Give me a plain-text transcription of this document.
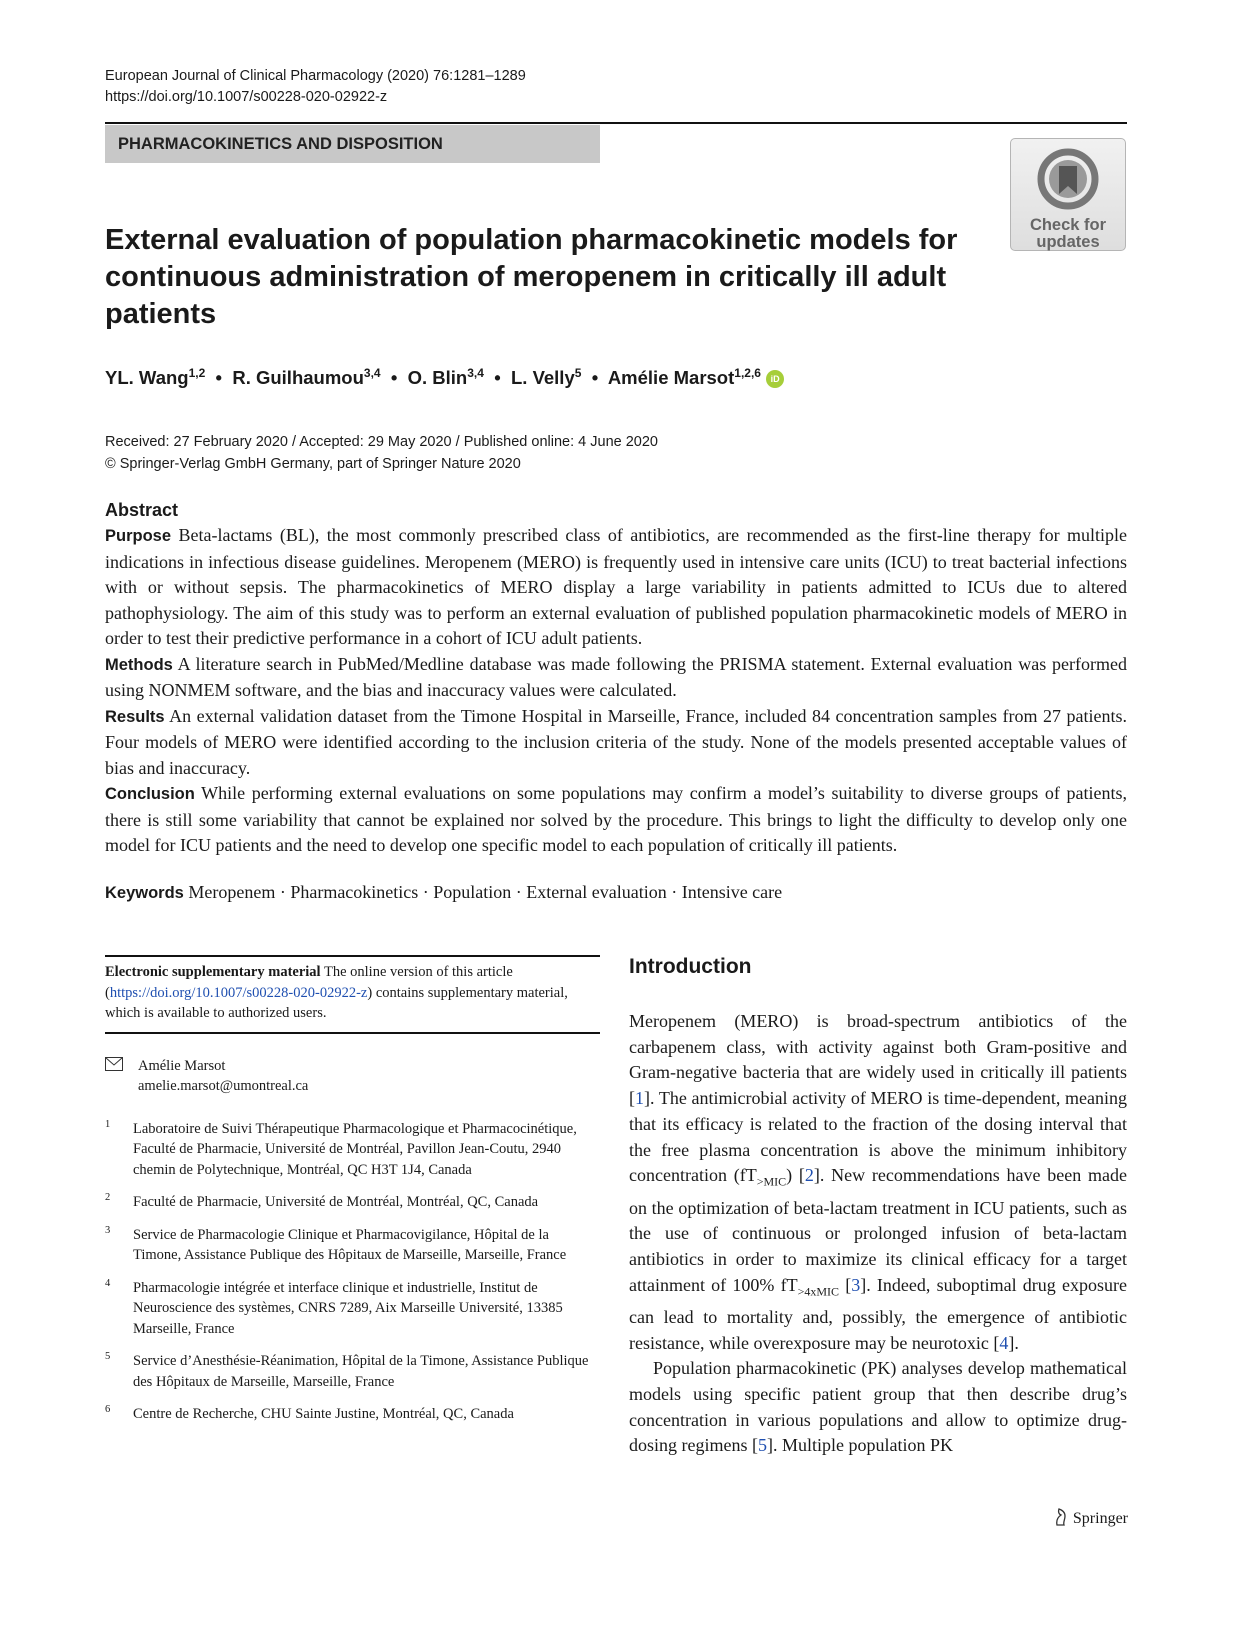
European Journal of Clinical Pharmacology (2020) 76:1281–1289
https://doi.org/10.1007/s00228-020-02922-z
PHARMACOKINETICS AND DISPOSITION
Check for updates
External evaluation of population pharmacokinetic models for continuous administration of meropenem in critically ill adult patients
YL. Wang$^{1,2}$  •  R. Guilhaumou$^{3,4}$  •  O. Blin$^{3,4}$  •  L. Velly$^5$  •  Amélie Marsot$^{1,2,6}$ iD
Received: 27 February 2020 / Accepted: 29 May 2020 / Published online: 4 June 2020
© Springer-Verlag GmbH Germany, part of Springer Nature 2020
Abstract
Purpose Beta-lactams (BL), the most commonly prescribed class of antibiotics, are recommended as the first-line therapy for multiple indications in infectious disease guidelines. Meropenem (MERO) is frequently used in intensive care units (ICU) to treat bacterial infections with or without sepsis. The pharmacokinetics of MERO display a large variability in patients admitted to ICUs due to altered pathophysiology. The aim of this study was to perform an external evaluation of published population pharmacokinetic models of MERO in order to test their predictive performance in a cohort of ICU adult patients.
Methods A literature search in PubMed/Medline database was made following the PRISMA statement. External evaluation was performed using NONMEM software, and the bias and inaccuracy values were calculated.
Results An external validation dataset from the Timone Hospital in Marseille, France, included 84 concentration samples from 27 patients. Four models of MERO were identified according to the inclusion criteria of the study. None of the models presented acceptable values of bias and inaccuracy.
Conclusion While performing external evaluations on some populations may confirm a model’s suitability to diverse groups of patients, there is still some variability that cannot be explained nor solved by the procedure. This brings to light the difficulty to develop only one model for ICU patients and the need to develop one specific model to each population of critically ill patients.
Keywords Meropenem · Pharmacokinetics · Population · External evaluation · Intensive care
Electronic supplementary material The online version of this article (https://doi.org/10.1007/s00228-020-02922-z) contains supplementary material, which is available to authorized users.
Amélie Marsot
amelie.marsot@umontreal.ca
1 Laboratoire de Suivi Thérapeutique Pharmacologique et Pharmacocinétique, Faculté de Pharmacie, Université de Montréal, Pavillon Jean-Coutu, 2940 chemin de Polytechnique, Montréal, QC H3T 1J4, Canada
2 Faculté de Pharmacie, Université de Montréal, Montréal, QC, Canada
3 Service de Pharmacologie Clinique et Pharmacovigilance, Hôpital de la Timone, Assistance Publique des Hôpitaux de Marseille, Marseille, France
4 Pharmacologie intégrée et interface clinique et industrielle, Institut de Neuroscience des systèmes, CNRS 7289, Aix Marseille Université, 13385 Marseille, France
5 Service d’Anesthésie-Réanimation, Hôpital de la Timone, Assistance Publique des Hôpitaux de Marseille, Marseille, France
6 Centre de Recherche, CHU Sainte Justine, Montréal, QC, Canada
Introduction

Meropenem (MERO) is broad-spectrum antibiotics of the carbapenem class, with activity against both Gram-positive and Gram-negative bacteria that are widely used in critically ill patients [1]. The antimicrobial activity of MERO is time-dependent, meaning that its efficacy is related to the fraction of the dosing interval that the free plasma concentration is above the minimum inhibitory concentration $(fT_{>MIC})$ [2]. New recommendations have been made on the optimization of beta-lactam treatment in ICU patients, such as the use of continuous or prolonged infusion of beta-lactam antibiotics in order to maximize its clinical efficacy for a target attainment of 100% $fT_{>4xMIC}$ [3]. Indeed, suboptimal drug exposure can lead to mortality and, possibly, the emergence of antibiotic resistance, while overexposure may be neurotoxic [4].

Population pharmacokinetic (PK) analyses develop mathematical models using specific patient group that then describe drug’s concentration in various populations and allow to optimize drug-dosing regimens [5]. Multiple population PK

Springer
